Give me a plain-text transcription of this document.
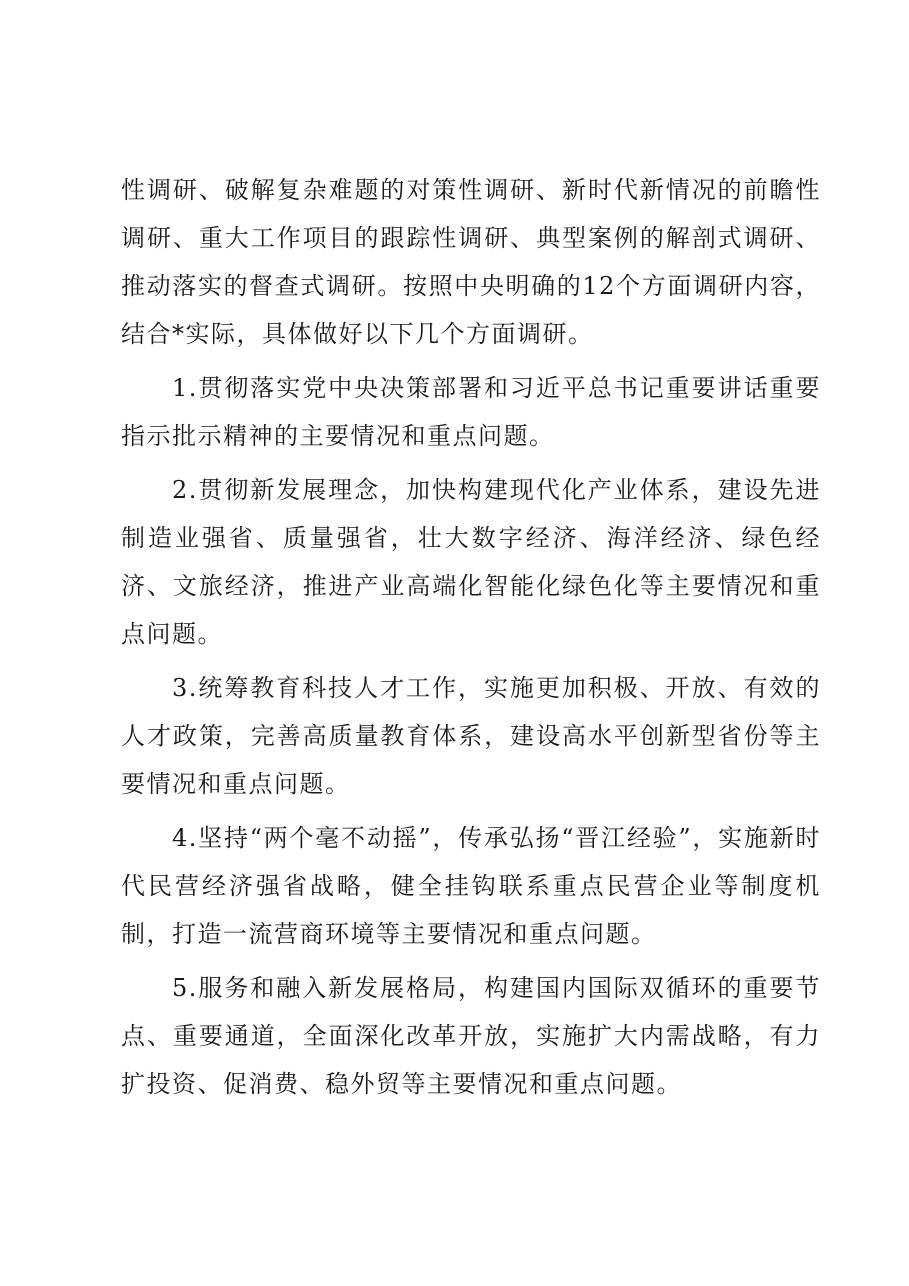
性调研、破解复杂难题的对策性调研、新时代新情况的前瞻性调研、重大工作项目的跟踪性调研、典型案例的解剖式调研、推动落实的督查式调研。按照中央明确的12个方面调研内容，结合*实际，具体做好以下几个方面调研。

1.贯彻落实党中央决策部署和习近平总书记重要讲话重要指示批示精神的主要情况和重点问题。

2.贯彻新发展理念，加快构建现代化产业体系，建设先进制造业强省、质量强省，壮大数字经济、海洋经济、绿色经济、文旅经济，推进产业高端化智能化绿色化等主要情况和重点问题。

3.统筹教育科技人才工作，实施更加积极、开放、有效的人才政策，完善高质量教育体系，建设高水平创新型省份等主要情况和重点问题。

4.坚持“两个毫不动摇”，传承弘扬“晋江经验”，实施新时代民营经济强省战略，健全挂钩联系重点民营企业等制度机制，打造一流营商环境等主要情况和重点问题。

5.服务和融入新发展格局，构建国内国际双循环的重要节点、重要通道，全面深化改革开放，实施扩大内需战略，有力扩投资、促消费、稳外贸等主要情况和重点问题。
